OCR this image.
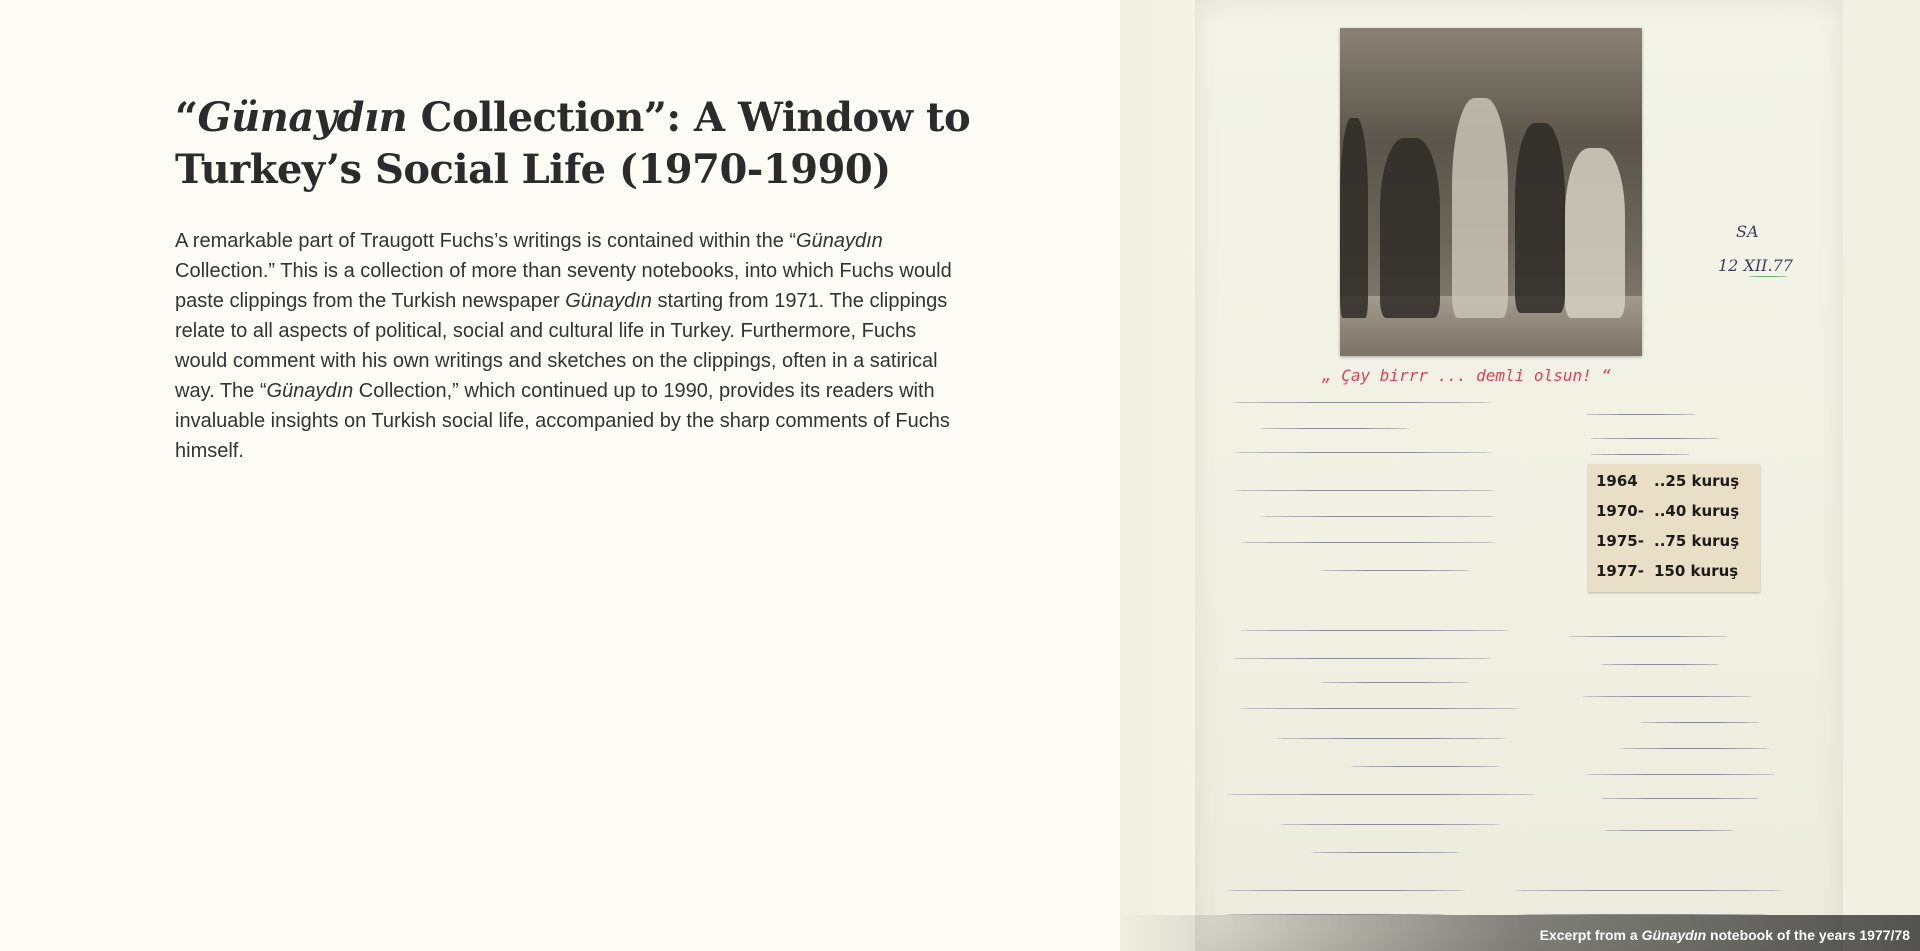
“Günaydın Collection”: A Window to
Turkey’s Social Life (1970-1990)

A remarkable part of Traugott Fuchs’s writings is contained within the “Günaydın Collection.” This is a collection of more than seventy notebooks, into which Fuchs would paste clippings from the Turkish newspaper Günaydın starting from 1971. The clippings relate to all aspects of political, social and cultural life in Turkey. Furthermore, Fuchs would comment with his own writings and sketches on the clippings, often in a satirical way. The “Günaydın Collection,” which continued up to 1990, provides its readers with invaluable insights on Turkish social life, accompanied by the sharp comments of Fuchs himself.

„ Çay birrr ... demli olsun! “
SA
12 XII.77
1964	..25 kuruş
1970- ..40 kuruş
1975- ..75 kuruş
1977- 150 kuruş
Excerpt from a Günaydın notebook of the years 1977/78
